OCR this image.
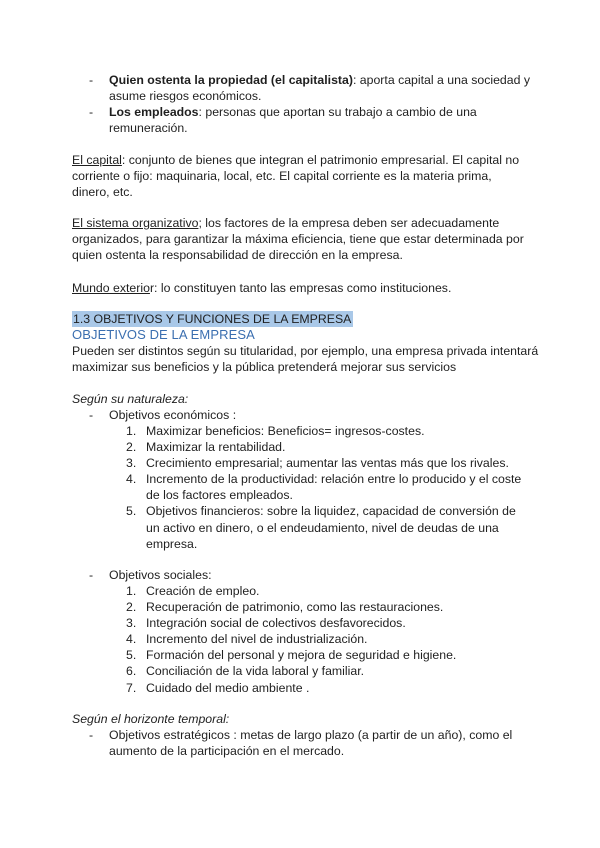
- Quien ostenta la propiedad (el capitalista): aporta capital a una sociedad y asume riesgos económicos.
- Los empleados: personas que aportan su trabajo a cambio de una remuneración.

El capital: conjunto de bienes que integran el patrimonio empresarial. El capital no corriente o fijo: maquinaria, local, etc. El capital corriente es la materia prima, dinero, etc.

El sistema organizativo; los factores de la empresa deben ser adecuadamente organizados, para garantizar la máxima eficiencia, tiene que estar determinada por quien ostenta la responsabilidad de dirección en la empresa.

Mundo exterior: lo constituyen tanto las empresas como instituciones.

1.3 OBJETIVOS Y FUNCIONES DE LA EMPRESA
OBJETIVOS DE LA EMPRESA

Pueden ser distintos según su titularidad, por ejemplo, una empresa privada intentará maximizar sus beneficios y la pública pretenderá mejorar sus servicios

Según su naturaleza:

- Objetivos económicos :
1. Maximizar beneficios: Beneficios= ingresos-costes.
2. Maximizar la rentabilidad.
3. Crecimiento empresarial; aumentar las ventas más que los rivales.
4. Incremento de la productividad: relación entre lo producido y el coste de los factores empleados.
5. Objetivos financieros: sobre la liquidez, capacidad de conversión de un activo en dinero, o el endeudamiento, nivel de deudas de una empresa.
- Objetivos sociales:
1. Creación de empleo.
2. Recuperación de patrimonio, como las restauraciones.
3. Integración social de colectivos desfavorecidos.
4. Incremento del nivel de industrialización.
5. Formación del personal y mejora de seguridad e higiene.
6. Conciliación de la vida laboral y familiar.
7. Cuidado del medio ambiente .

Según el horizonte temporal:

- Objetivos estratégicos : metas de largo plazo (a partir de un año), como el aumento de la participación en el mercado.
